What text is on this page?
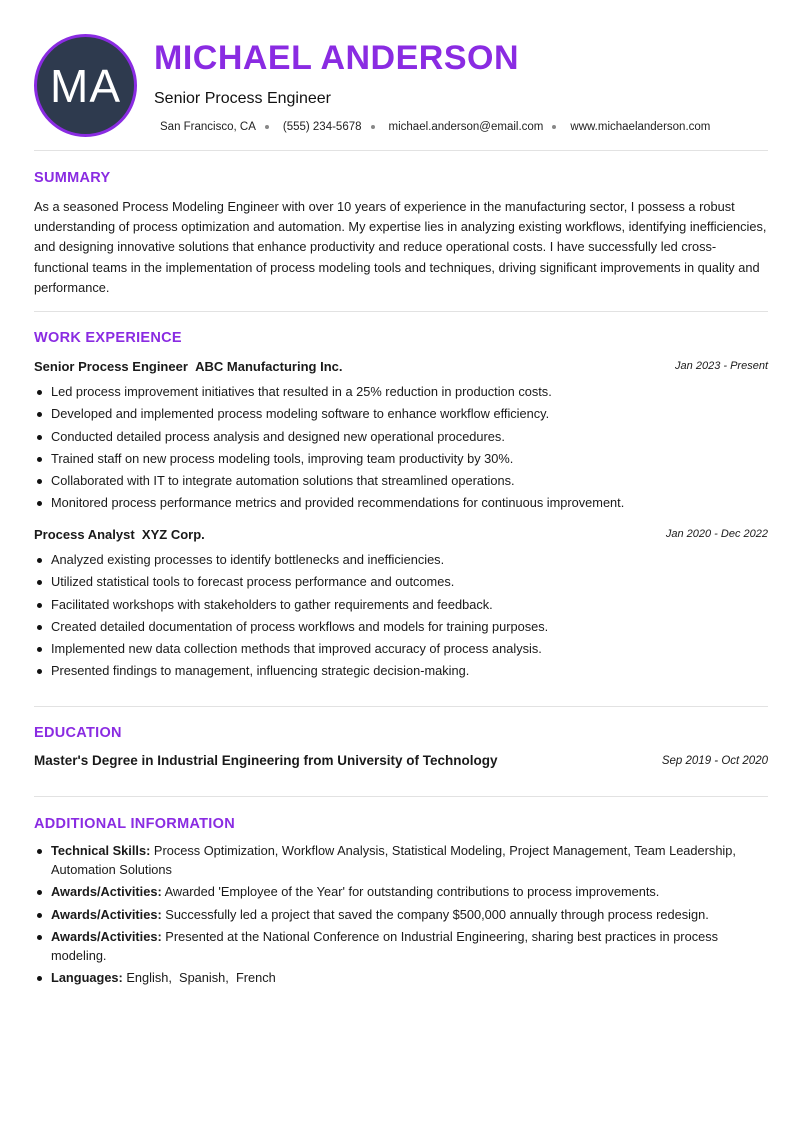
MA
MICHAEL ANDERSON
Senior Process Engineer
San Francisco, CA (555) 234-5678 michael.anderson@email.com www.michaelanderson.com
SUMMARY
As a seasoned Process Modeling Engineer with over 10 years of experience in the manufacturing sector, I possess a robust understanding of process optimization and automation. My expertise lies in analyzing existing workflows, identifying inefficiencies, and designing innovative solutions that enhance productivity and reduce operational costs. I have successfully led cross-functional teams in the implementation of process modeling tools and techniques, driving significant improvements in quality and performance.
WORK EXPERIENCE
Senior Process Engineer ABC Manufacturing Inc.	Jan 2023 - Present
Led process improvement initiatives that resulted in a 25% reduction in production costs.
Developed and implemented process modeling software to enhance workflow efficiency.
Conducted detailed process analysis and designed new operational procedures.
Trained staff on new process modeling tools, improving team productivity by 30%.
Collaborated with IT to integrate automation solutions that streamlined operations.
Monitored process performance metrics and provided recommendations for continuous improvement.
Process Analyst XYZ Corp.	Jan 2020 - Dec 2022
Analyzed existing processes to identify bottlenecks and inefficiencies.
Utilized statistical tools to forecast process performance and outcomes.
Facilitated workshops with stakeholders to gather requirements and feedback.
Created detailed documentation of process workflows and models for training purposes.
Implemented new data collection methods that improved accuracy of process analysis.
Presented findings to management, influencing strategic decision-making.
EDUCATION
Master's Degree in Industrial Engineering from University of Technology	Sep 2019 - Oct 2020
ADDITIONAL INFORMATION
Technical Skills: Process Optimization, Workflow Analysis, Statistical Modeling, Project Management, Team Leadership, Automation Solutions
Awards/Activities: Awarded 'Employee of the Year' for outstanding contributions to process improvements.
Awards/Activities: Successfully led a project that saved the company $500,000 annually through process redesign.
Awards/Activities: Presented at the National Conference on Industrial Engineering, sharing best practices in process modeling.
Languages: English,  Spanish,  French
